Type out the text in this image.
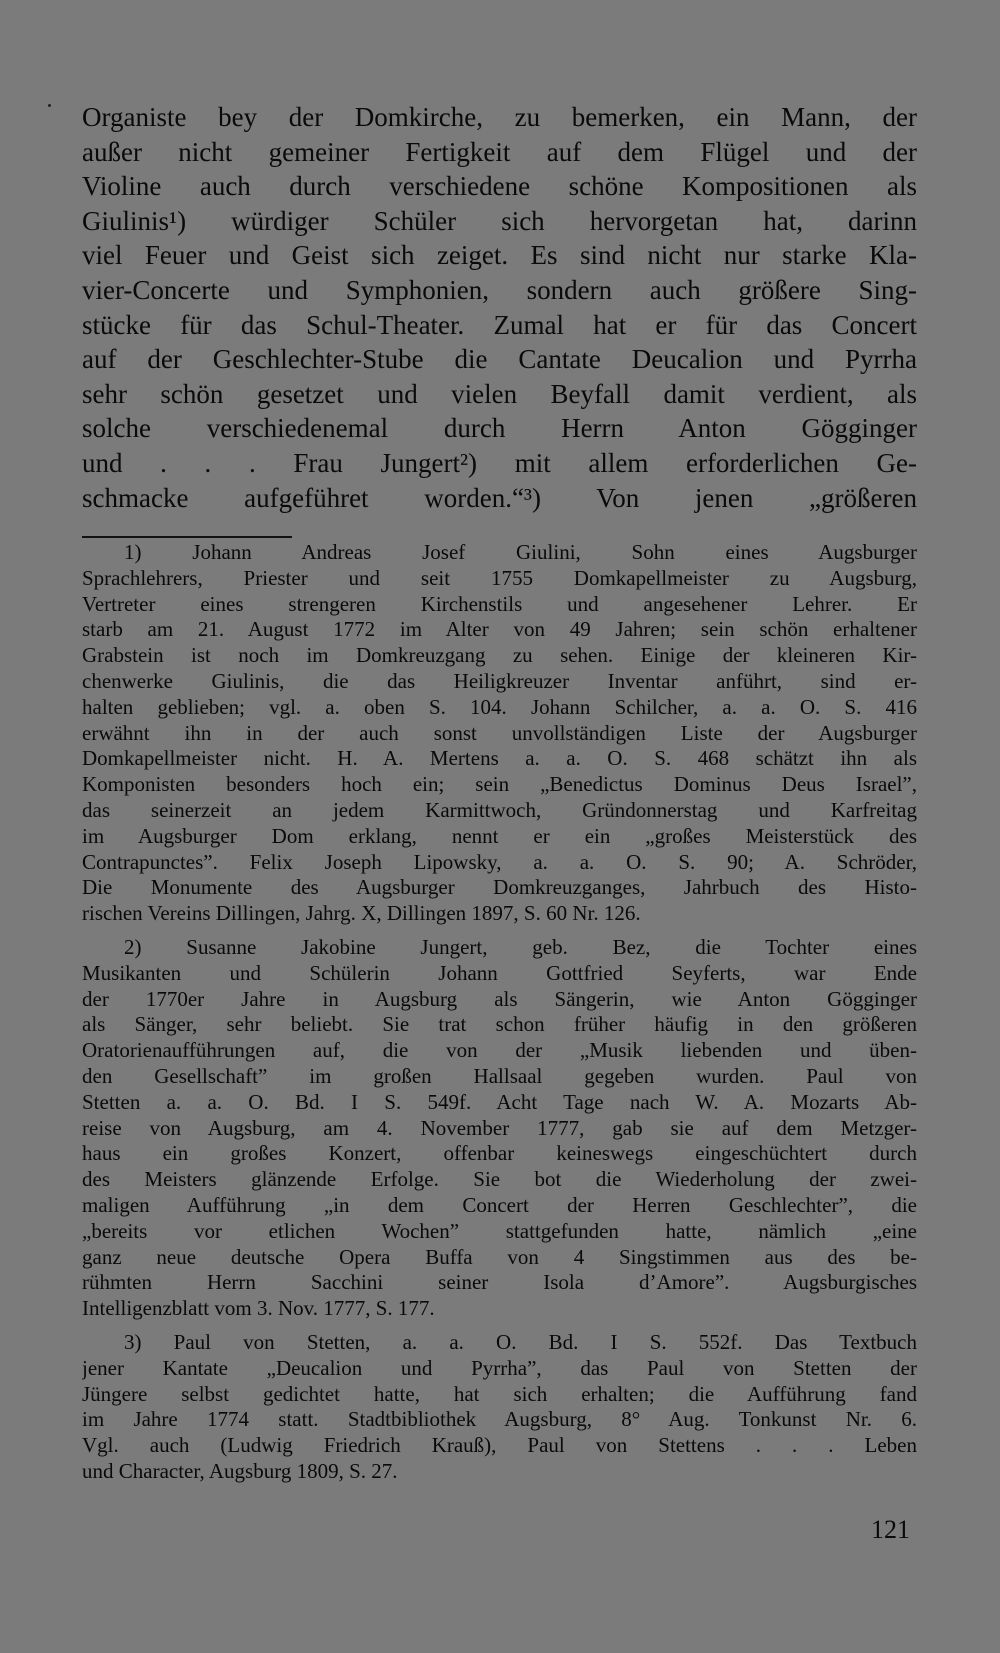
Organiste bey der Domkirche, zu bemerken, ein Mann, der
außer nicht gemeiner Fertigkeit auf dem Flügel und der
Violine auch durch verschiedene schöne Kompositionen als
Giulinis¹) würdiger Schüler sich hervorgetan hat, darinn
viel Feuer und Geist sich zeiget. Es sind nicht nur starke Kla-
vier-Concerte und Symphonien, sondern auch größere Sing-
stücke für das Schul-Theater. Zumal hat er für das Concert
auf der Geschlechter-Stube die Cantate Deucalion und Pyrrha
sehr schön gesetzet und vielen Beyfall damit verdient, als
solche verschiedenemal durch Herrn Anton Gögginger
und . . . Frau Jungert²) mit allem erforderlichen Ge-
schmacke aufgeführet worden.“³) Von jenen „größeren
1) Johann Andreas Josef Giulini, Sohn eines Augsburger
Sprachlehrers, Priester und seit 1755 Domkapellmeister zu Augsburg,
Vertreter eines strengeren Kirchenstils und angesehener Lehrer. Er
starb am 21. August 1772 im Alter von 49 Jahren; sein schön erhaltener
Grabstein ist noch im Domkreuzgang zu sehen. Einige der kleineren Kir-
chenwerke Giulinis, die das Heiligkreuzer Inventar anführt, sind er-
halten geblieben; vgl. a. oben S. 104. Johann Schilcher, a. a. O. S. 416
erwähnt ihn in der auch sonst unvollständigen Liste der Augsburger
Domkapellmeister nicht. H. A. Mertens a. a. O. S. 468 schätzt ihn als
Komponisten besonders hoch ein; sein „Benedictus Dominus Deus Israel”,
das seinerzeit an jedem Karmittwoch, Gründonnerstag und Karfreitag
im Augsburger Dom erklang, nennt er ein „großes Meisterstück des
Contrapunctes”. Felix Joseph Lipowsky, a. a. O. S. 90; A. Schröder,
Die Monumente des Augsburger Domkreuzganges, Jahrbuch des Histo-
rischen Vereins Dillingen, Jahrg. X, Dillingen 1897, S. 60 Nr. 126.
2) Susanne Jakobine Jungert, geb. Bez, die Tochter eines
Musikanten und Schülerin Johann Gottfried Seyferts, war Ende
der 1770er Jahre in Augsburg als Sängerin, wie Anton Gögginger
als Sänger, sehr beliebt. Sie trat schon früher häufig in den größeren
Oratorienaufführungen auf, die von der „Musik liebenden und üben-
den Gesellschaft” im großen Hallsaal gegeben wurden. Paul von
Stetten a. a. O. Bd. I S. 549f. Acht Tage nach W. A. Mozarts Ab-
reise von Augsburg, am 4. November 1777, gab sie auf dem Metzger-
haus ein großes Konzert, offenbar keineswegs eingeschüchtert durch
des Meisters glänzende Erfolge. Sie bot die Wiederholung der zwei-
maligen Aufführung „in dem Concert der Herren Geschlechter”, die
„bereits vor etlichen Wochen” stattgefunden hatte, nämlich „eine
ganz neue deutsche Opera Buffa von 4 Singstimmen aus des be-
rühmten Herrn Sacchini seiner Isola d’Amore”. Augsburgisches
Intelligenzblatt vom 3. Nov. 1777, S. 177.
3) Paul von Stetten, a. a. O. Bd. I S. 552f. Das Textbuch
jener Kantate „Deucalion und Pyrrha”, das Paul von Stetten der
Jüngere selbst gedichtet hatte, hat sich erhalten; die Aufführung fand
im Jahre 1774 statt. Stadtbibliothek Augsburg, 8° Aug. Tonkunst Nr. 6.
Vgl. auch (Ludwig Friedrich Krauß), Paul von Stettens . . . Leben
und Character, Augsburg 1809, S. 27.
121
